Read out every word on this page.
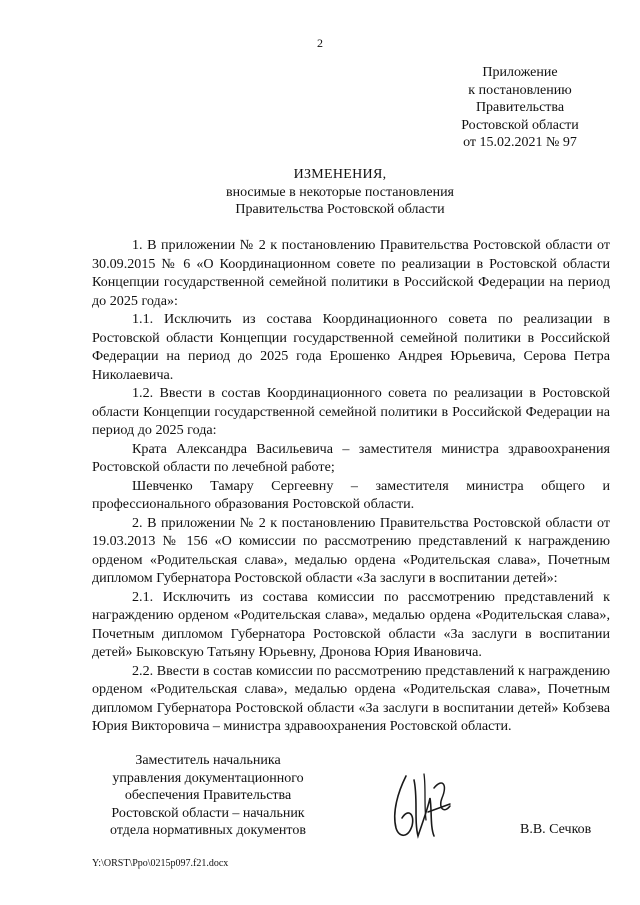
2
Приложение
к постановлению
Правительства
Ростовской области
от 15.02.2021 № 97
ИЗМЕНЕНИЯ,
вносимые в некоторые постановления
Правительства Ростовской области

1. В приложении № 2 к постановлению Правительства Ростовской области от 30.09.2015 № 6 «О Координационном совете по реализации в Ростовской области Концепции государственной семейной политики в Российской Федерации на период до 2025 года»:

1.1. Исключить из состава Координационного совета по реализации в Ростовской области Концепции государственной семейной политики в Российской Федерации на период до 2025 года Ерошенко Андрея Юрьевича, Серова Петра Николаевича.

1.2. Ввести в состав Координационного совета по реализации в Ростовской области Концепции государственной семейной политики в Российской Федерации на период до 2025 года:

Крата Александра Васильевича – заместителя министра здравоохранения Ростовской области по лечебной работе;

Шевченко Тамару Сергеевну – заместителя министра общего и профессионального образования Ростовской области.

2. В приложении № 2 к постановлению Правительства Ростовской области от 19.03.2013 № 156 «О комиссии по рассмотрению представлений к награждению орденом «Родительская слава», медалью ордена «Родительская слава», Почетным дипломом Губернатора Ростовской области «За заслуги в воспитании детей»:

2.1. Исключить из состава комиссии по рассмотрению представлений к награждению орденом «Родительская слава», медалью ордена «Родительская слава», Почетным дипломом Губернатора Ростовской области «За заслуги в воспитании детей» Быковскую Татьяну Юрьевну, Дронова Юрия Ивановича.

2.2. Ввести в состав комиссии по рассмотрению представлений к награждению орденом «Родительская слава», медалью ордена «Родительская слава», Почетным дипломом Губернатора Ростовской области «За заслуги в воспитании детей» Кобзева Юрия Викторовича – министра здравоохранения Ростовской области.

Заместитель начальника
управления документационного
обеспечения Правительства
Ростовской области – начальник
отдела нормативных документов	В.В. Сечков
Y:\ORST\Ppo\0215p097.f21.docx
